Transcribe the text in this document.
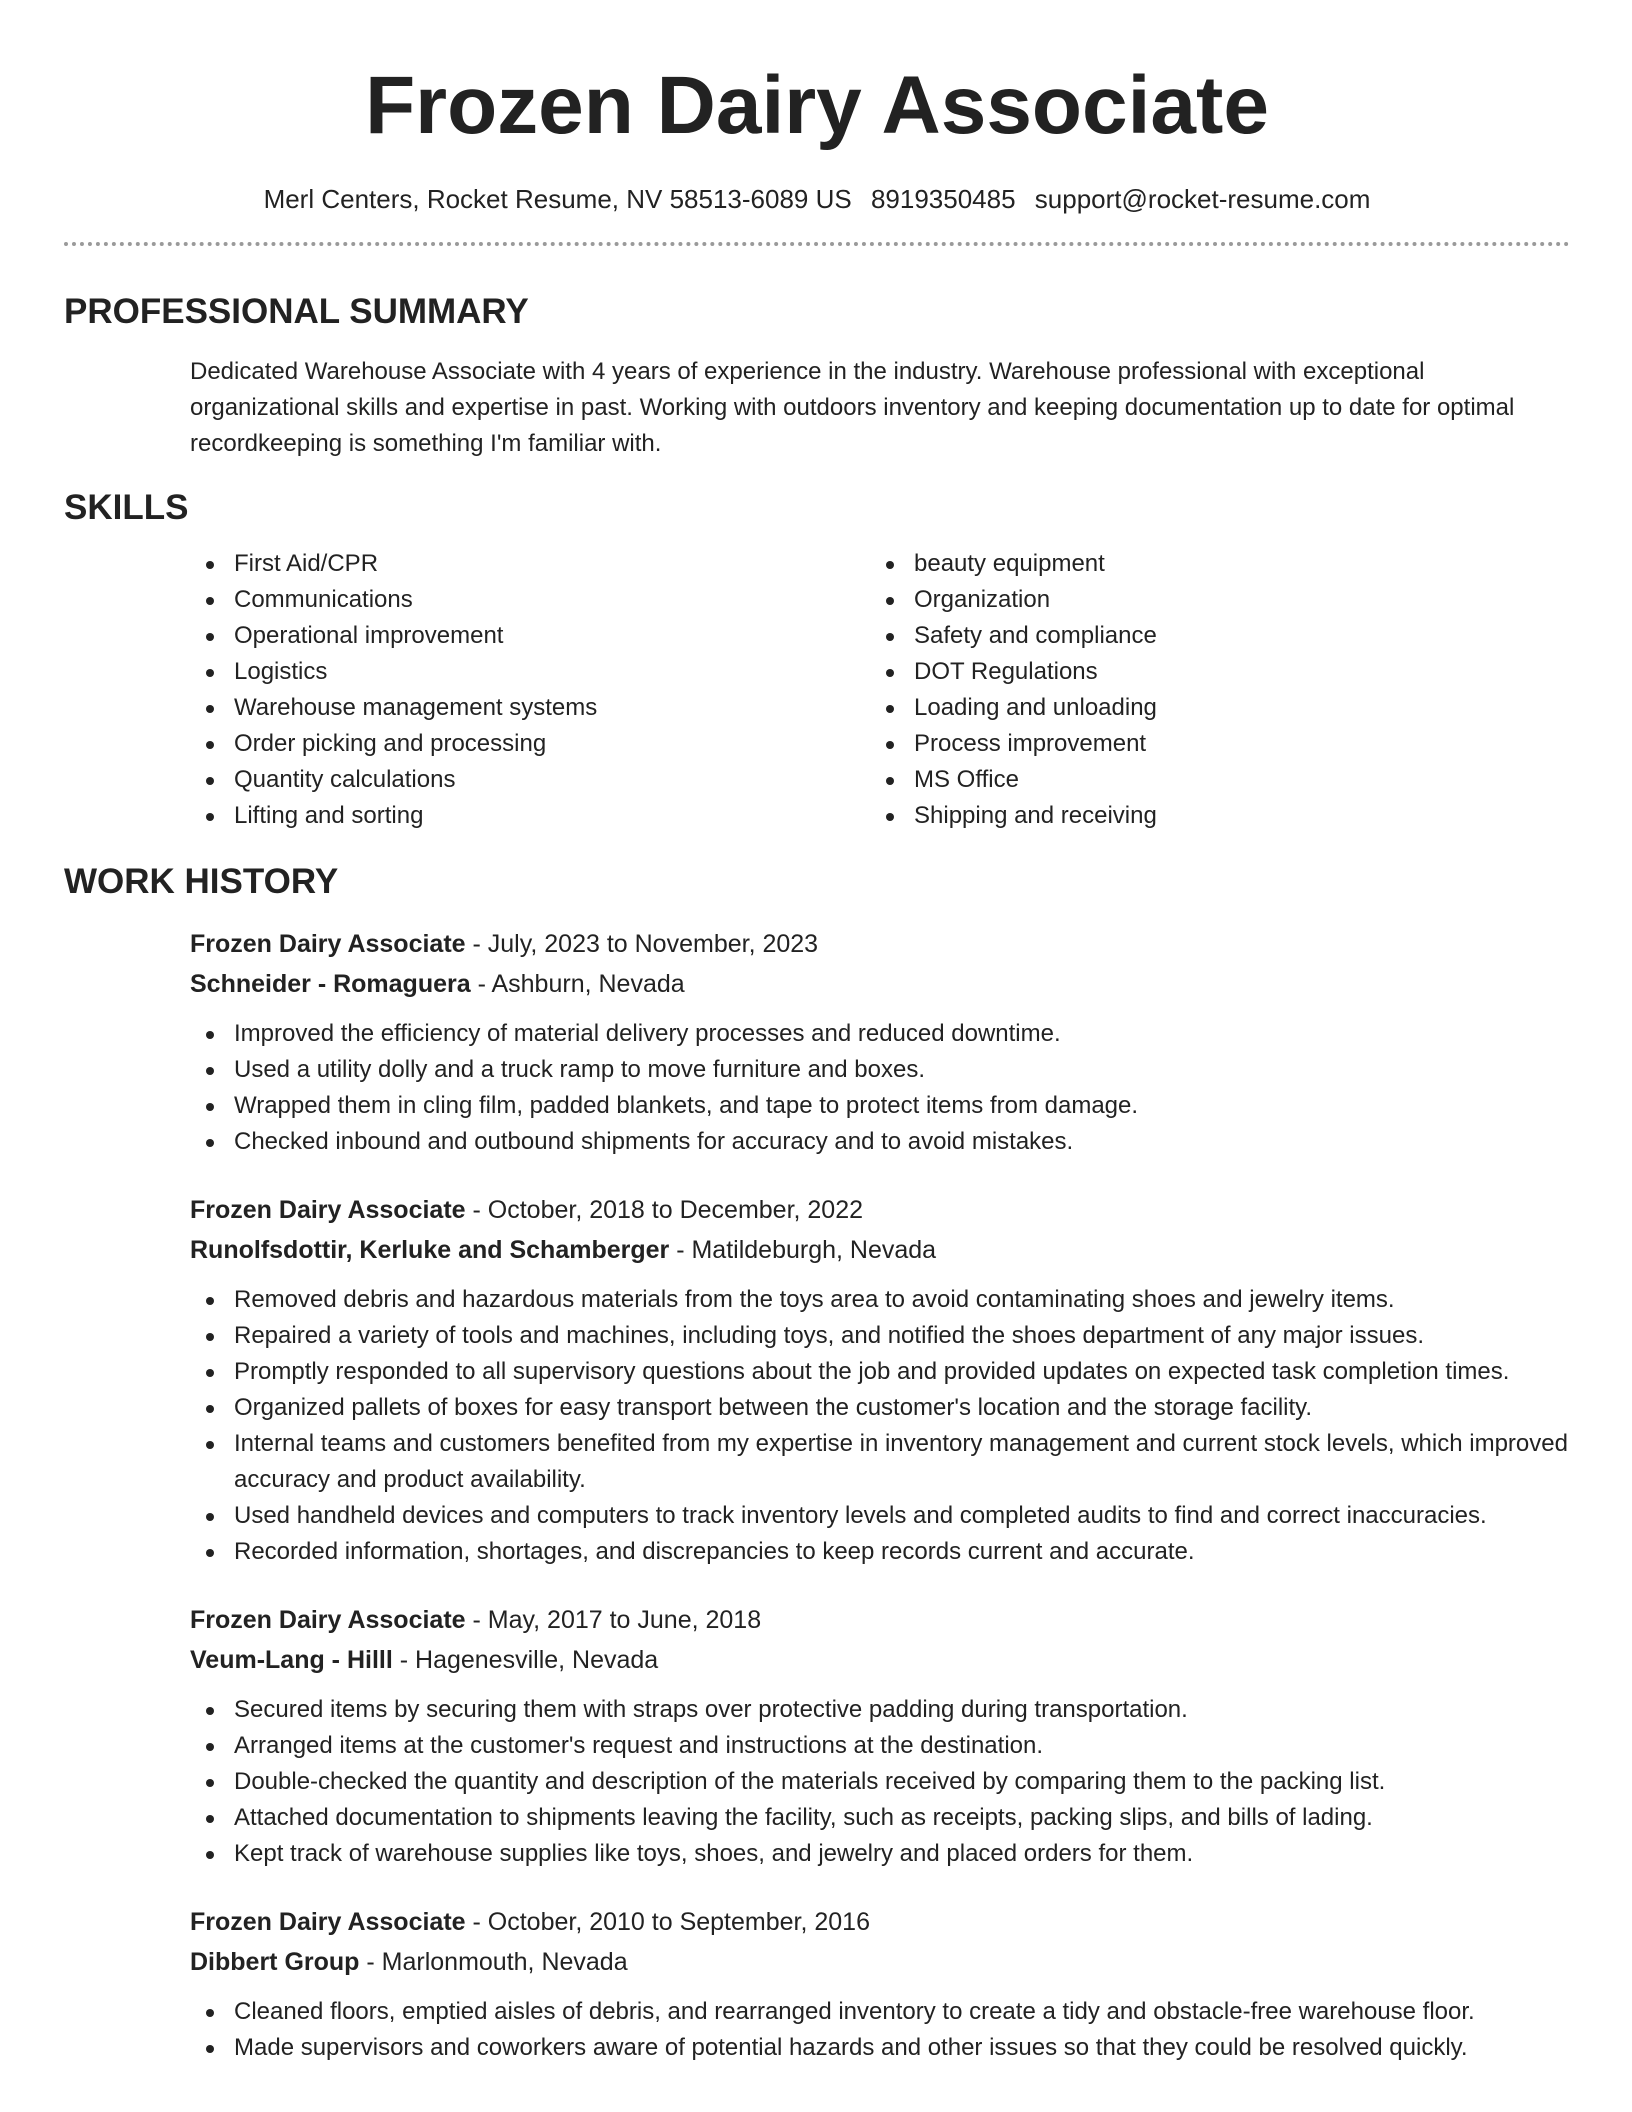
Frozen Dairy Associate
Merl Centers, Rocket Resume, NV 58513-6089 US 8919350485 support@rocket-resume.com
PROFESSIONAL SUMMARY

Dedicated Warehouse Associate with 4 years of experience in the industry. Warehouse professional with exceptional organizational skills and expertise in past. Working with outdoors inventory and keeping documentation up to date for optimal recordkeeping is something I'm familiar with.

SKILLS
First Aid/CPR
Communications
Operational improvement
Logistics
Warehouse management systems
Order picking and processing
Quantity calculations
Lifting and sorting
beauty equipment
Organization
Safety and compliance
DOT Regulations
Loading and unloading
Process improvement
MS Office
Shipping and receiving
WORK HISTORY
Frozen Dairy Associate - July, 2023 to November, 2023
Schneider - Romaguera - Ashburn, Nevada
Improved the efficiency of material delivery processes and reduced downtime.
Used a utility dolly and a truck ramp to move furniture and boxes.
Wrapped them in cling film, padded blankets, and tape to protect items from damage.
Checked inbound and outbound shipments for accuracy and to avoid mistakes.
Frozen Dairy Associate - October, 2018 to December, 2022
Runolfsdottir, Kerluke and Schamberger - Matildeburgh, Nevada
Removed debris and hazardous materials from the toys area to avoid contaminating shoes and jewelry items.
Repaired a variety of tools and machines, including toys, and notified the shoes department of any major issues.
Promptly responded to all supervisory questions about the job and provided updates on expected task completion times.
Organized pallets of boxes for easy transport between the customer's location and the storage facility.
Internal teams and customers benefited from my expertise in inventory management and current stock levels, which improved accuracy and product availability.
Used handheld devices and computers to track inventory levels and completed audits to find and correct inaccuracies.
Recorded information, shortages, and discrepancies to keep records current and accurate.
Frozen Dairy Associate - May, 2017 to June, 2018
Veum-Lang - Hilll - Hagenesville, Nevada
Secured items by securing them with straps over protective padding during transportation.
Arranged items at the customer's request and instructions at the destination.
Double-checked the quantity and description of the materials received by comparing them to the packing list.
Attached documentation to shipments leaving the facility, such as receipts, packing slips, and bills of lading.
Kept track of warehouse supplies like toys, shoes, and jewelry and placed orders for them.
Frozen Dairy Associate - October, 2010 to September, 2016
Dibbert Group - Marlonmouth, Nevada
Cleaned floors, emptied aisles of debris, and rearranged inventory to create a tidy and obstacle-free warehouse floor.
Made supervisors and coworkers aware of potential hazards and other issues so that they could be resolved quickly.
